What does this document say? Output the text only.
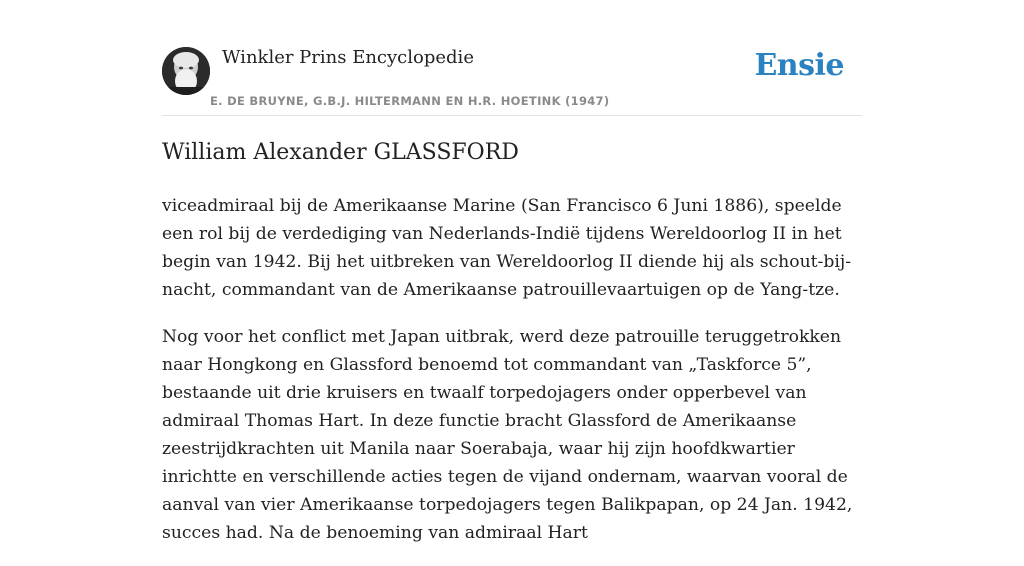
Winkler Prins Encyclopedie
E. DE BRUYNE, G.B.J. HILTERMANN EN H.R. HOETINK (1947)
Ensie
William Alexander GLASSFORD

viceadmiraal bij de Amerikaanse Marine (San Francisco 6 Juni 1886), speelde een rol bij de verdediging van Nederlands-Indië tijdens Wereldoorlog II in het begin van 1942. Bij het uitbreken van Wereldoorlog II diende hij als schout-bij-nacht, commandant van de Amerikaanse patrouillevaartuigen op de Yang-tze.

Nog voor het conflict met Japan uitbrak, werd deze patrouille teruggetrokken naar Hongkong en Glassford benoemd tot commandant van „Taskforce 5”, bestaande uit drie kruisers en twaalf torpedojagers onder opperbevel van admiraal Thomas Hart. In deze functie bracht Glassford de Amerikaanse zeestrijdkrachten uit Manila naar Soerabaja, waar hij zijn hoofdkwartier inrichtte en verschillende acties tegen de vijand ondernam, waarvan vooral de aanval van vier Amerikaanse torpedojagers tegen Balikpapan, op 24 Jan. 1942, succes had. Na de benoeming van admiraal Hart
